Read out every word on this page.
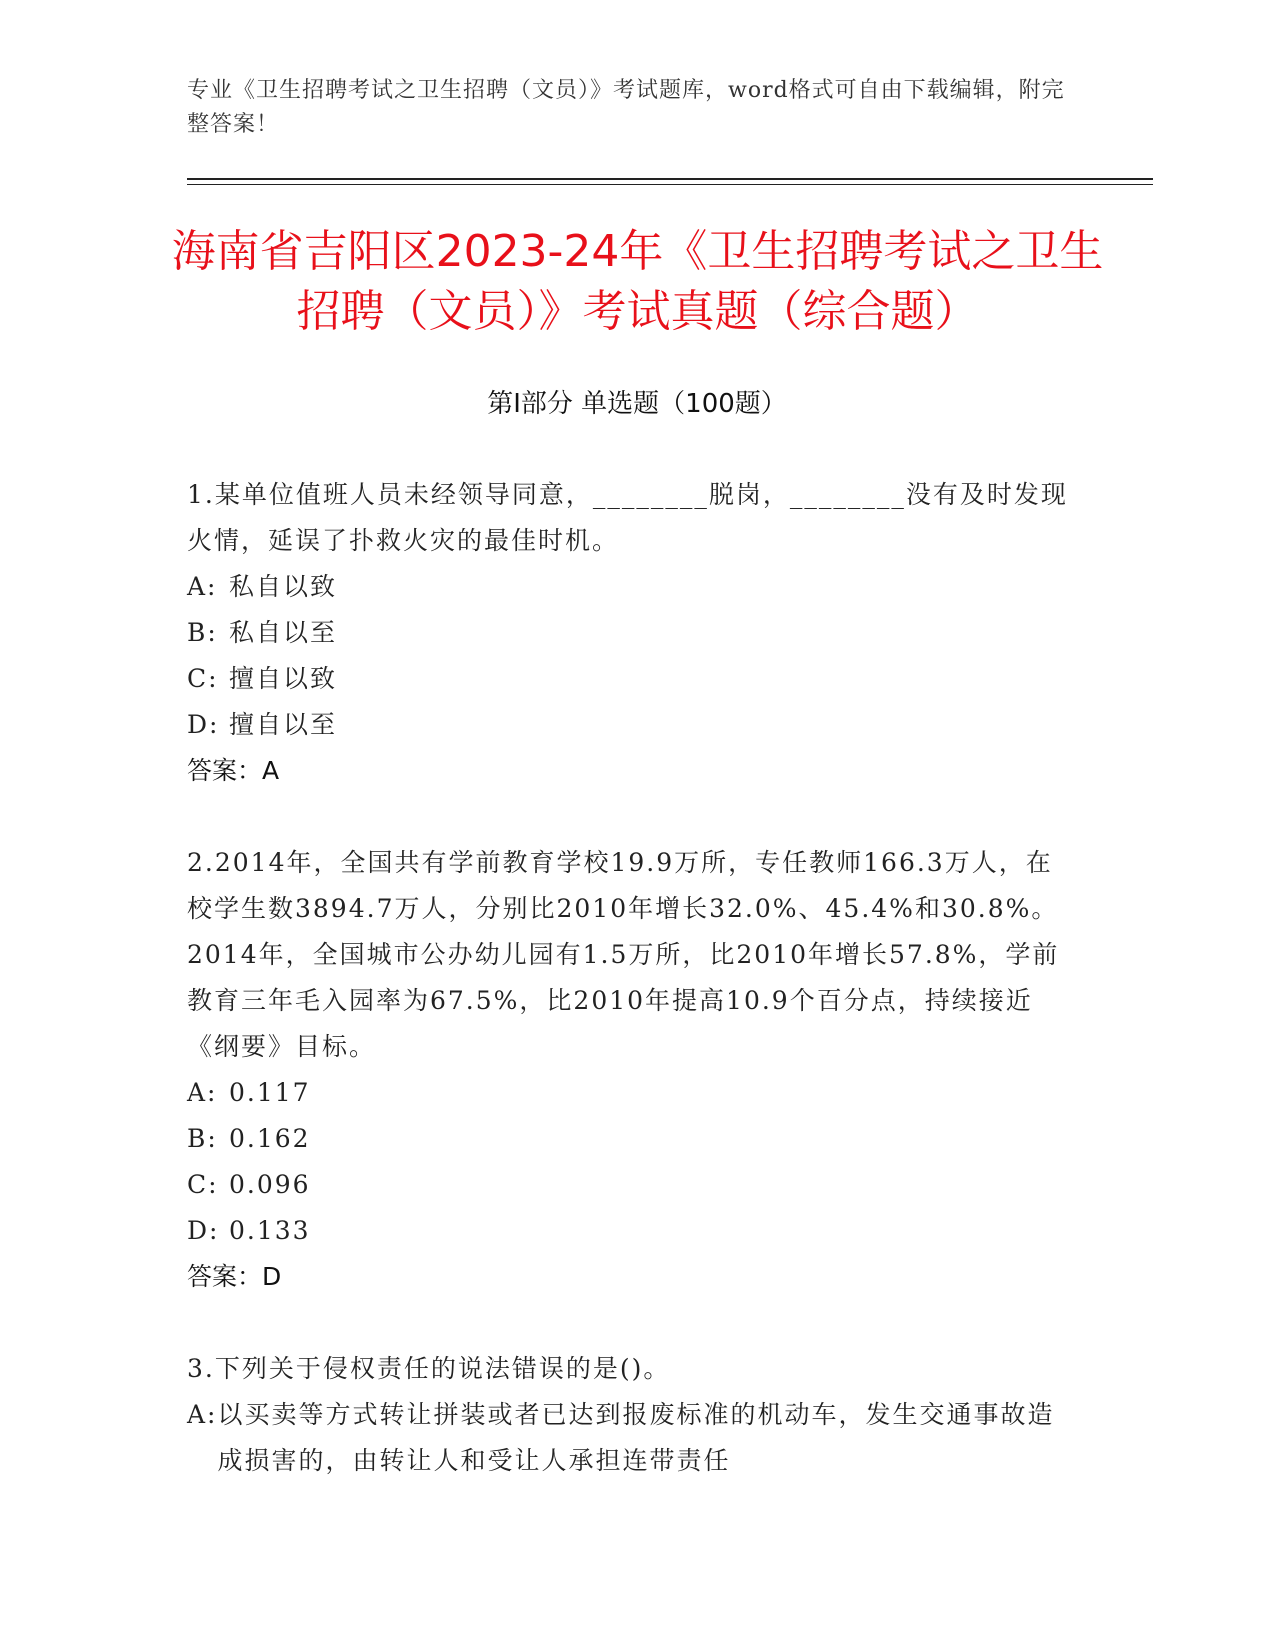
专业《卫生招聘考试之卫生招聘（文员）》考试题库，word格式可自由下载编辑，附完整答案！
海南省吉阳区2023-24年《卫生招聘考试之卫生招聘（文员）》考试真题（综合题）
第Ⅰ部分 单选题（100题）

1.某单位值班人员未经领导同意，________脱岗，________没有及时发现火情，延误了扑救火灾的最佳时机。

A: 私自以致
B: 私自以至
C: 擅自以致
D: 擅自以至

答案：A

2.2014年，全国共有学前教育学校19.9万所，专任教师166.3万人，在校学生数3894.7万人，分别比2010年增长32.0%、45.4%和30.8%。2014年，全国城市公办幼儿园有1.5万所，比2010年增长57.8%，学前教育三年毛入园率为67.5%，比2010年提高10.9个百分点，持续接近《纲要》目标。

A: 0.117
B: 0.162
C: 0.096
D: 0.133

答案：D

3.下列关于侵权责任的说法错误的是()。

A: 以买卖等方式转让拼装或者已达到报废标准的机动车，发生交通事故造成损害的，由转让人和受让人承担连带责任
